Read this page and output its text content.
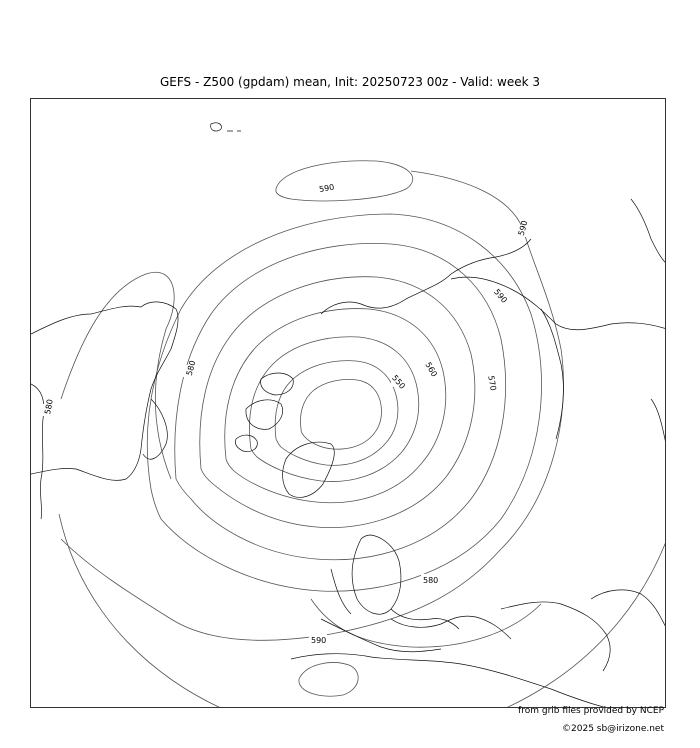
GEFS - Z500 (gpdam) mean, Init: 20250723 00z - Valid: week 3
590
590
580	560
550	570
580
590
580
590
from grib files provided by NCEP
©2025 sb@irizone.net
